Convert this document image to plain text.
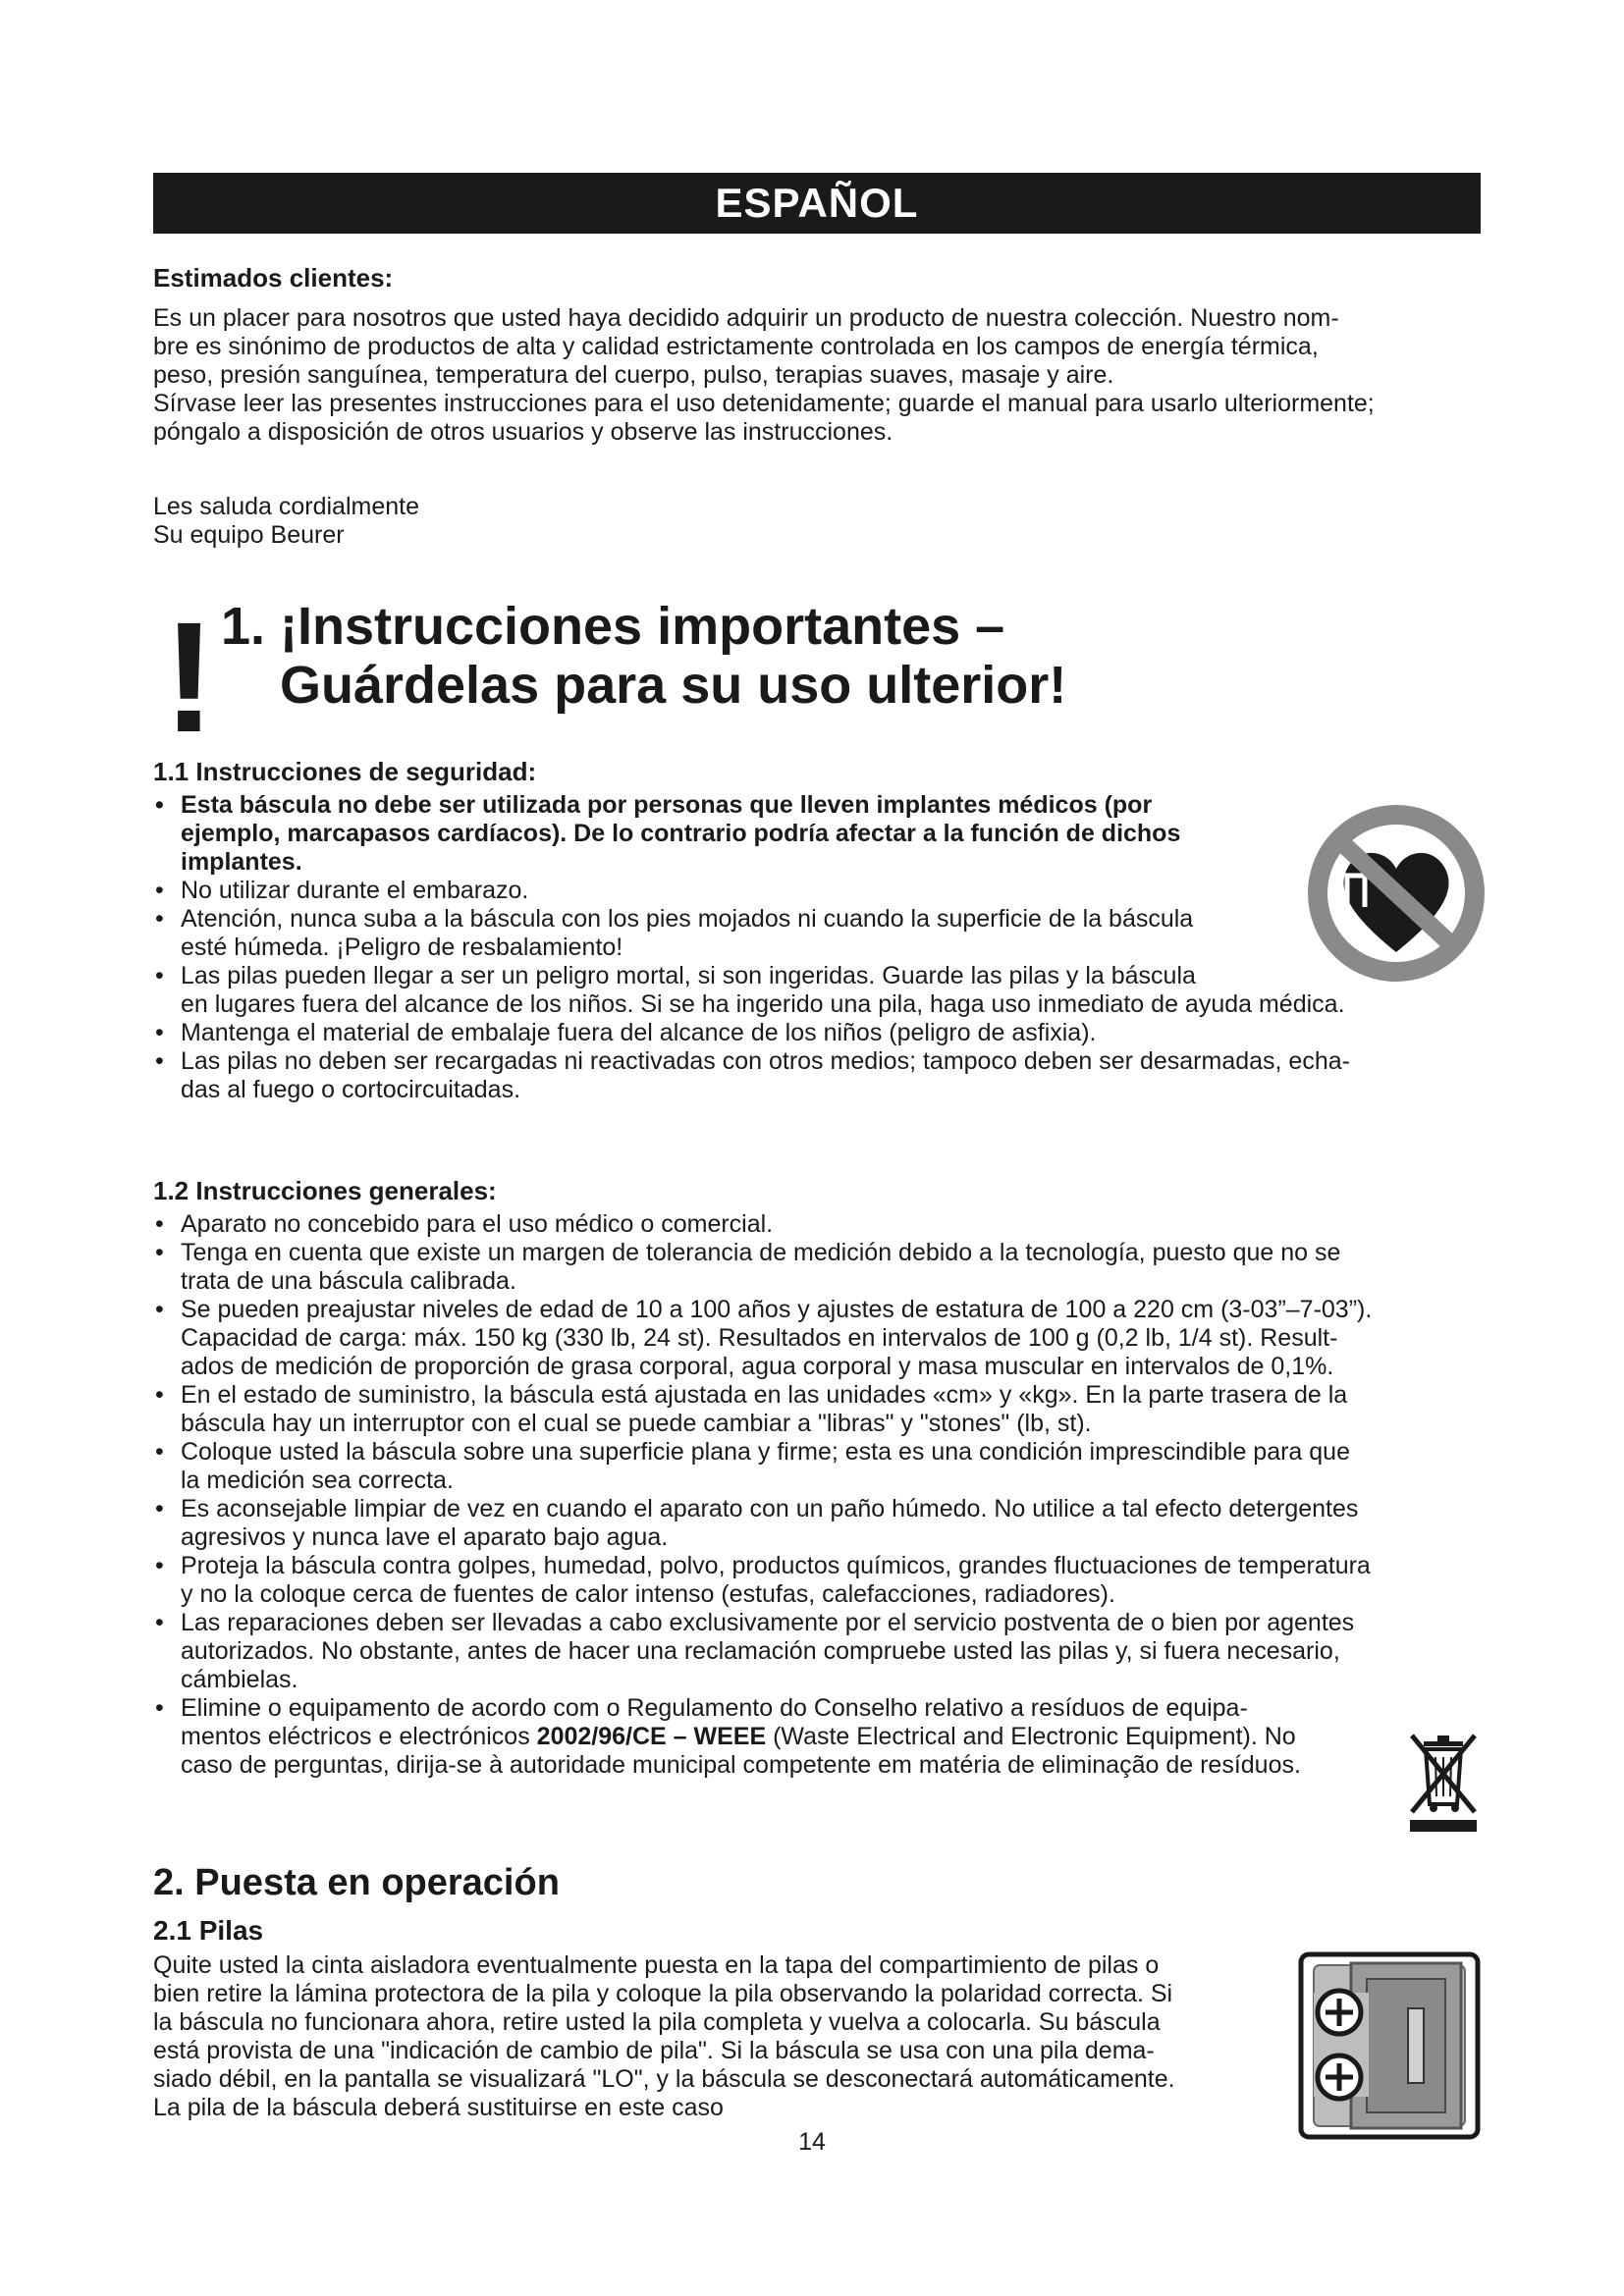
ESPAÑOL
Estimados clientes:
Es un placer para nosotros que usted haya decidido adquirir un producto de nuestra colección. Nuestro nom-
bre es sinónimo de productos de alta y calidad estrictamente controlada en los campos de energía térmica,
peso, presión sanguínea, temperatura del cuerpo, pulso, terapias suaves, masaje y aire.
Sírvase leer las presentes instrucciones para el uso detenidamente; guarde el manual para usarlo ulteriormente;
póngalo a disposición de otros usuarios y observe las instrucciones.
Les saluda cordialmente
Su equipo Beurer
! 1. ¡Instrucciones importantes –
Guárdelas para su uso ulterior!
1.1 Instrucciones de seguridad:
• Esta báscula no debe ser utilizada por personas que lleven implantes médicos (por
ejemplo, marcapasos cardíacos). De lo contrario podría afectar a la función de dichos
implantes.
• No utilizar durante el embarazo.
• Atención, nunca suba a la báscula con los pies mojados ni cuando la superficie de la báscula
esté húmeda. ¡Peligro de resbalamiento!
• Las pilas pueden llegar a ser un peligro mortal, si son ingeridas. Guarde las pilas y la báscula
en lugares fuera del alcance de los niños. Si se ha ingerido una pila, haga uso inmediato de ayuda médica.
• Mantenga el material de embalaje fuera del alcance de los niños (peligro de asfixia).
• Las pilas no deben ser recargadas ni reactivadas con otros medios; tampoco deben ser desarmadas, echa-
das al fuego o cortocircuitadas.
1.2 Instrucciones generales:
• Aparato no concebido para el uso médico o comercial.
• Tenga en cuenta que existe un margen de tolerancia de medición debido a la tecnología, puesto que no se
trata de una báscula calibrada.
• Se pueden preajustar niveles de edad de 10 a 100 años y ajustes de estatura de 100 a 220 cm (3-03”–7-03”).
Capacidad de carga: máx. 150 kg (330 lb, 24 st). Resultados en intervalos de 100 g (0,2 lb, 1/4 st). Result-
ados de medición de proporción de grasa corporal, agua corporal y masa muscular en intervalos de 0,1%.
• En el estado de suministro, la báscula está ajustada en las unidades «cm» y «kg». En la parte trasera de la
báscula hay un interruptor con el cual se puede cambiar a "libras" y "stones" (lb, st).
• Coloque usted la báscula sobre una superficie plana y firme; esta es una condición imprescindible para que
la medición sea correcta.
• Es aconsejable limpiar de vez en cuando el aparato con un paño húmedo. No utilice a tal efecto detergentes
agresivos y nunca lave el aparato bajo agua.
• Proteja la báscula contra golpes, humedad, polvo, productos químicos, grandes fluctuaciones de temperatura
y no la coloque cerca de fuentes de calor intenso (estufas, calefacciones, radiadores).
• Las reparaciones deben ser llevadas a cabo exclusivamente por el servicio postventa de o bien por agentes
autorizados. No obstante, antes de hacer una reclamación compruebe usted las pilas y, si fuera necesario,
cámbielas.
• Elimine o equipamento de acordo com o Regulamento do Conselho relativo a resíduos de equipa-
mentos eléctricos e electrónicos 2002/96/CE – WEEE (Waste Electrical and Electronic Equipment). No
caso de perguntas, dirija-se à autoridade municipal competente em matéria de eliminação de resíduos.
2. Puesta en operación
2.1 Pilas
Quite usted la cinta aisladora eventualmente puesta en la tapa del compartimiento de pilas o
bien retire la lámina protectora de la pila y coloque la pila observando la polaridad correcta. Si
la báscula no funcionara ahora, retire usted la pila completa y vuelva a colocarla. Su báscula
está provista de una "indicación de cambio de pila". Si la báscula se usa con una pila dema-
siado débil, en la pantalla se visualizará "LO", y la báscula se desconectará automáticamente.
La pila de la báscula deberá sustituirse en este caso
14
